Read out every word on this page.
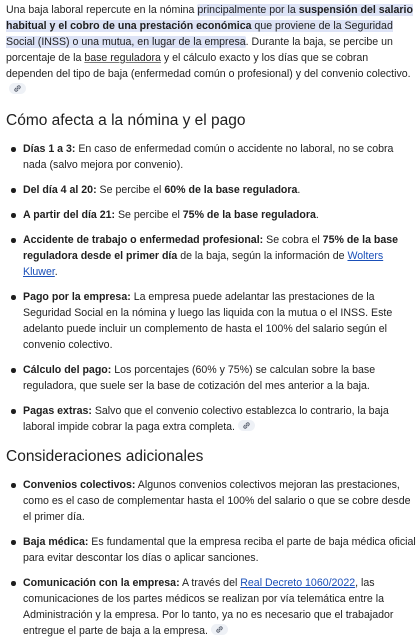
Una baja laboral repercute en la nómina principalmente por la suspensión del salario habitual y el cobro de una prestación económica que proviene de la Seguridad Social (INSS) o una mutua, en lugar de la empresa. Durante la baja, se percibe un porcentaje de la base reguladora y el cálculo exacto y los días que se cobran dependen del tipo de baja (enfermedad común o profesional) y del convenio colectivo.

Cómo afecta a la nómina y el pago
Días 1 a 3: En caso de enfermedad común o accidente no laboral, no se cobra nada (salvo mejora por convenio).
Del día 4 al 20: Se percibe el 60% de la base reguladora.
A partir del día 21: Se percibe el 75% de la base reguladora.
Accidente de trabajo o enfermedad profesional: Se cobra el 75% de la base reguladora desde el primer día de la baja, según la información de Wolters Kluwer.
Pago por la empresa: La empresa puede adelantar las prestaciones de la Seguridad Social en la nómina y luego las liquida con la mutua o el INSS. Este adelanto puede incluir un complemento de hasta el 100% del salario según el convenio colectivo.
Cálculo del pago: Los porcentajes (60% y 75%) se calculan sobre la base reguladora, que suele ser la base de cotización del mes anterior a la baja.
Pagas extras: Salvo que el convenio colectivo establezca lo contrario, la baja laboral impide cobrar la paga extra completa.
Consideraciones adicionales
Convenios colectivos: Algunos convenios colectivos mejoran las prestaciones, como es el caso de complementar hasta el 100% del salario o que se cobre desde el primer día.
Baja médica: Es fundamental que la empresa reciba el parte de baja médica oficial para evitar descontar los días o aplicar sanciones.
Comunicación con la empresa: A través del Real Decreto 1060/2022, las comunicaciones de los partes médicos se realizan por vía telemática entre la Administración y la empresa. Por lo tanto, ya no es necesario que el trabajador entregue el parte de baja a la empresa.
